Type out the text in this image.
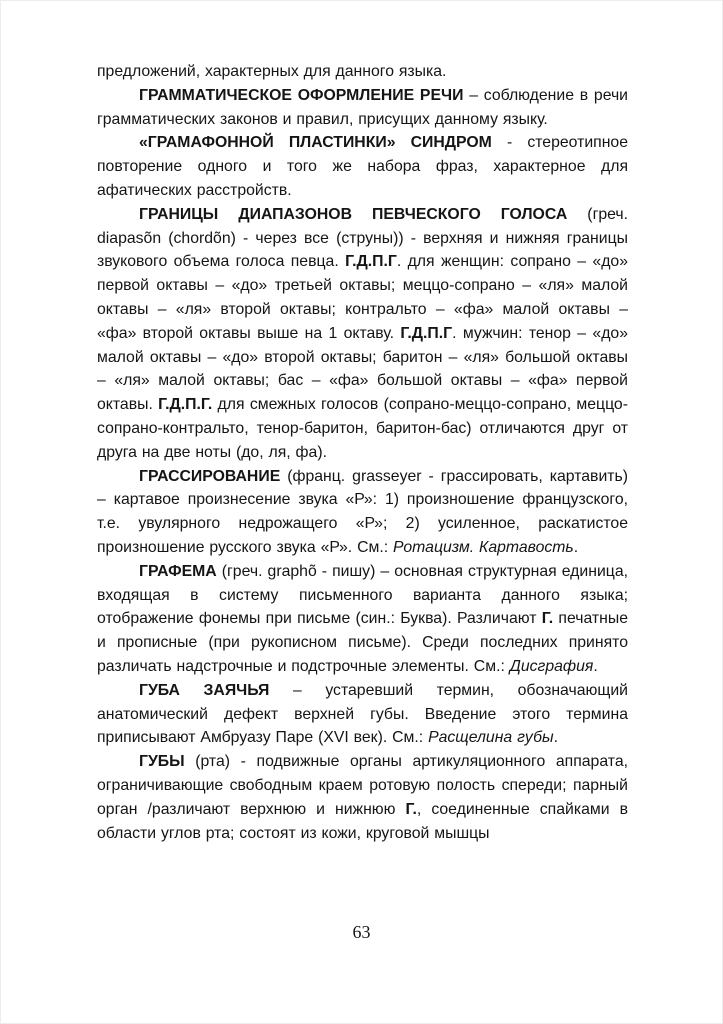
предложений, характерных для данного языка.

ГРАММАТИЧЕСКОЕ ОФОРМЛЕНИЕ РЕЧИ – соблюдение в речи грамматических законов и правил, присущих данному языку.

«ГРАМАФОННОЙ ПЛАСТИНКИ» СИНДРОМ - стереотипное повторение одного и того же набора фраз, характерное для афатических расстройств.

ГРАНИЦЫ ДИАПАЗОНОВ ПЕВЧЕСКОГО ГОЛОСА (греч. diapasõn (chordõn) - через все (струны)) - верхняя и нижняя границы звукового объема голоса певца. Г.Д.П.Г. для женщин: сопрано – «до» первой октавы – «до» третьей октавы; меццо-сопрано – «ля» малой октавы – «ля» второй октавы; контральто – «фа» малой октавы – «фа» второй октавы выше на 1 октаву. Г.Д.П.Г. мужчин: тенор – «до» малой октавы – «до» второй октавы; баритон – «ля» большой октавы – «ля» малой октавы; бас – «фа» большой октавы – «фа» первой октавы. Г.Д.П.Г. для смежных голосов (сопрано-меццо-сопрано, меццо-сопрано-контральто, тенор-баритон, баритон-бас) отличаются друг от друга на две ноты (до, ля, фа).

ГРАССИРОВАНИЕ (франц. grasseyer - грассировать, картавить) – картавое произнесение звука «Р»: 1) произношение французского, т.е. увулярного недрожащего «Р»; 2) усиленное, раскатистое произношение русского звука «Р». См.: Ротацизм. Картавость.

ГРАФЕМА (греч. graphõ - пишу) – основная структурная единица, входящая в систему письменного варианта данного языка; отображение фонемы при письме (син.: Буква). Различают Г. печатные и прописные (при рукописном письме). Среди последних принято различать надстрочные и подстрочные элементы. См.: Дисграфия.

ГУБА ЗАЯЧЬЯ – устаревший термин, обозначающий анатомический дефект верхней губы. Введение этого термина приписывают Амбруазу Паре (XVI век). См.: Расщелина губы.

ГУБЫ (рта) - подвижные органы артикуляционного аппарата, ограничивающие свободным краем ротовую полость спереди; парный орган /различают верхнюю и нижнюю Г., соединенные спайками в области углов рта; состоят из кожи, круговой мышцы

63
